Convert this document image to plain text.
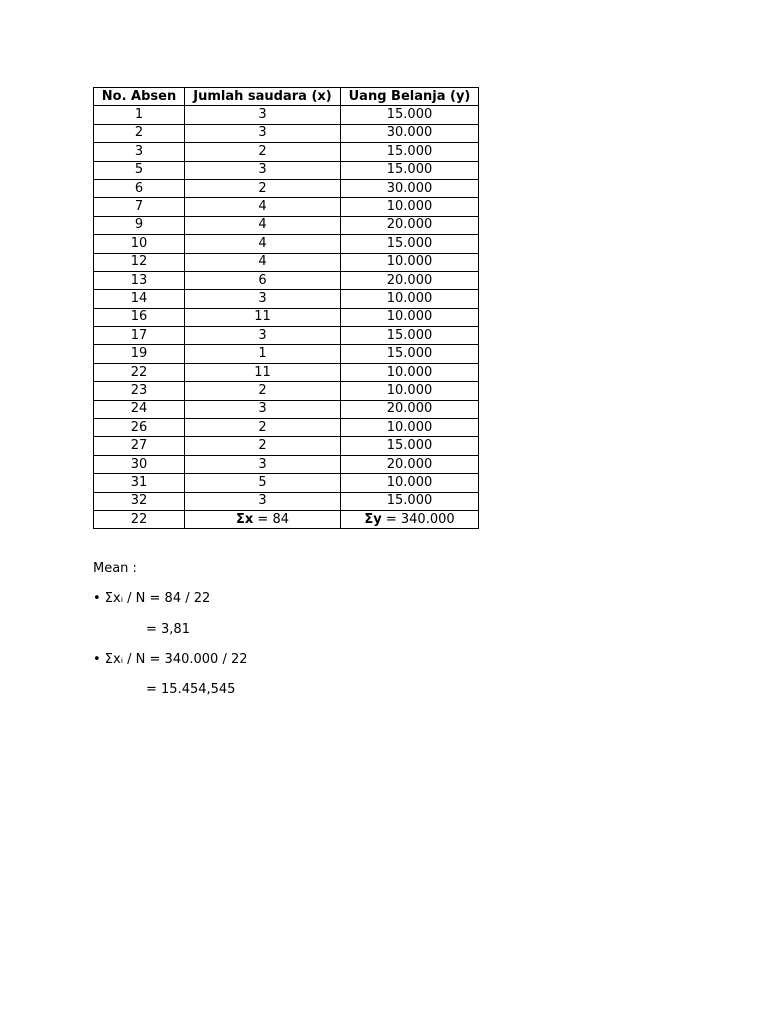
No. Absen	Jumlah saudara (x)	Uang Belanja (y)
1	3	15.000
2	3	30.000
3	2	15.000
5	3	15.000
6	2	30.000
7	4	10.000
9	4	20.000
10	4	15.000
12	4	10.000
13	6	20.000
14	3	10.000
16	11	10.000
17	3	15.000
19	1	15.000
22	11	10.000
23	2	10.000
24	3	20.000
26	2	10.000
27	2	15.000
30	3	20.000
31	5	10.000
32	3	15.000
22	Σx = 84	Σy = 340.000
Mean :
• Σxᵢ / N = 84 / 22
= 3,81
• Σxᵢ / N = 340.000 / 22
= 15.454,545
